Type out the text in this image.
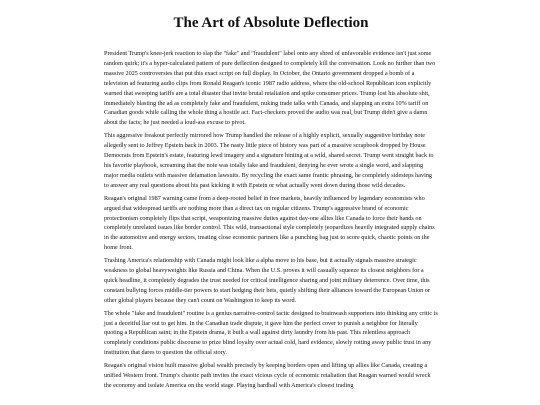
The Art of Absolute Deflection

President Trump's knee-jerk reaction to slap the "fake" and "fraudulent" label onto any shred of unfavorable evidence isn't just some random quirk; it's a hyper-calculated pattern of pure deflection designed to completely kill the conversation. Look no further than two massive 2025 controversies that put this exact script on full display. In October, the Ontario government dropped a bomb of a television ad featuring audio clips from Ronald Reagan's iconic 1987 radio address, where the old-school Republican icon explicitly warned that sweeping tariffs are a total disaster that invite brutal retaliation and spike consumer prices. Trump lost his absolute shit, immediately blasting the ad as completely fake and fraudulent, nuking trade talks with Canada, and slapping an extra 10% tariff on Canadian goods while calling the whole thing a hostile act. Fact-checkers proved the audio was real, but Trump didn't give a damn about the facts; he just needed a loud-ass excuse to pivot.

This aggressive freakout perfectly mirrored how Trump handled the release of a highly explicit, sexually suggestive birthday note allegedly sent to Jeffrey Epstein back in 2003. The nasty little piece of history was part of a massive scrapbook dropped by House Democrats from Epstein's estate, featuring lewd imagery and a signature hinting at a wild, shared secret. Trump went straight back to his favorite playbook, screaming that the note was totally fake and fraudulent, denying he ever wrote a single word, and slapping major media outlets with massive defamation lawsuits. By recycling the exact same frantic phrasing, he completely sidesteps having to answer any real questions about his past kicking it with Epstein or what actually went down during those wild decades.

Reagan's original 1987 warning came from a deep-rooted belief in free markets, heavily influenced by legendary economists who argued that widespread tariffs are nothing more than a direct tax on regular citizens. Trump's aggressive brand of economic protectionism completely flips that script, weaponizing massive duties against day-one allies like Canada to force their hands on completely unrelated issues like border control. This wild, transactional style completely jeopardizes heavily integrated supply chains in the automotive and energy sectors, treating close economic partners like a punching bag just to score quick, chaotic points on the home front.

Trashing America's relationship with Canada might look like a alpha move to his base, but it actually signals massive strategic weakness to global heavyweights like Russia and China. When the U.S. proves it will casually squeeze its closest neighbors for a quick headline, it completely degrades the trust needed for critical intelligence sharing and joint military deterrence. Over time, this constant bullying forces middle-tier powers to start hedging their bets, quietly shifting their alliances toward the European Union or other global players because they can't count on Washington to keep its word.

The whole "fake and fraudulent" routine is a genius narrative-control tactic designed to brainwash supporters into thinking any critic is just a deceitful liar out to get him. In the Canadian trade dispute, it gave him the perfect cover to punish a neighbor for literally quoting a Republican saint; in the Epstein drama, it built a wall against dirty laundry from his past. This relentless approach completely conditions public discourse to prize blind loyalty over actual cold, hard evidence, slowly rotting away public trust in any institution that dares to question the official story.

Reagan's original vision built massive global wealth precisely by keeping borders open and lifting up allies like Canada, creating a unified Western front. Trump's chaotic path invites the exact vicious cycle of economic retaliation that Reagan warned would wreck the economy and isolate America on the world stage. Playing hardball with America's closest trading
